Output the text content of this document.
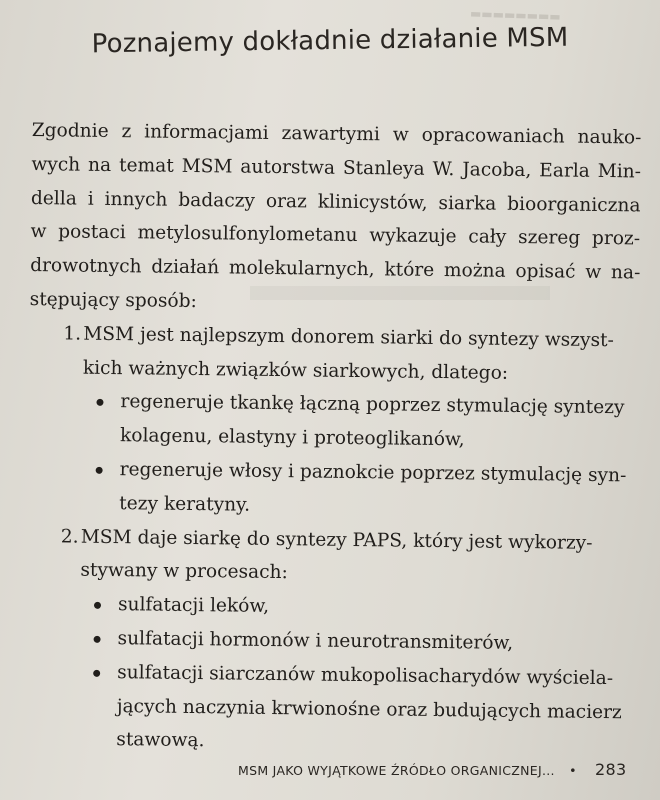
▬▬▬▬▬▬▬▬
Poznajemy dokładnie działanie MSM
Zgodnie z informacjami zawartymi w opracowaniach nauko-
wych na temat MSM autorstwa Stanleya W. Jacoba, Earla Min-
della i innych badaczy oraz klinicystów, siarka bioorganiczna
w postaci metylosulfonylometanu wykazuje cały szereg proz-
drowotnych działań molekularnych, które można opisać w na-
stępujący sposób:
1. MSM jest najlepszym donorem siarki do syntezy wszyst-
kich ważnych związków siarkowych, dlatego:
regeneruje tkankę łączną poprzez stymulację syntezy
kolagenu, elastyny i proteoglikanów,
regeneruje włosy i paznokcie poprzez stymulację syn-
tezy keratyny.
2. MSM daje siarkę do syntezy PAPS, który jest wykorzy-
stywany w procesach:
sulfatacji leków,
sulfatacji hormonów i neurotransmiterów,
sulfatacji siarczanów mukopolisacharydów wyściela-
jących naczynia krwionośne oraz budujących macierz
stawową.
MSM JAKO WYJĄTKOWE ŹRÓDŁO ORGANICZNEJ... • 283
